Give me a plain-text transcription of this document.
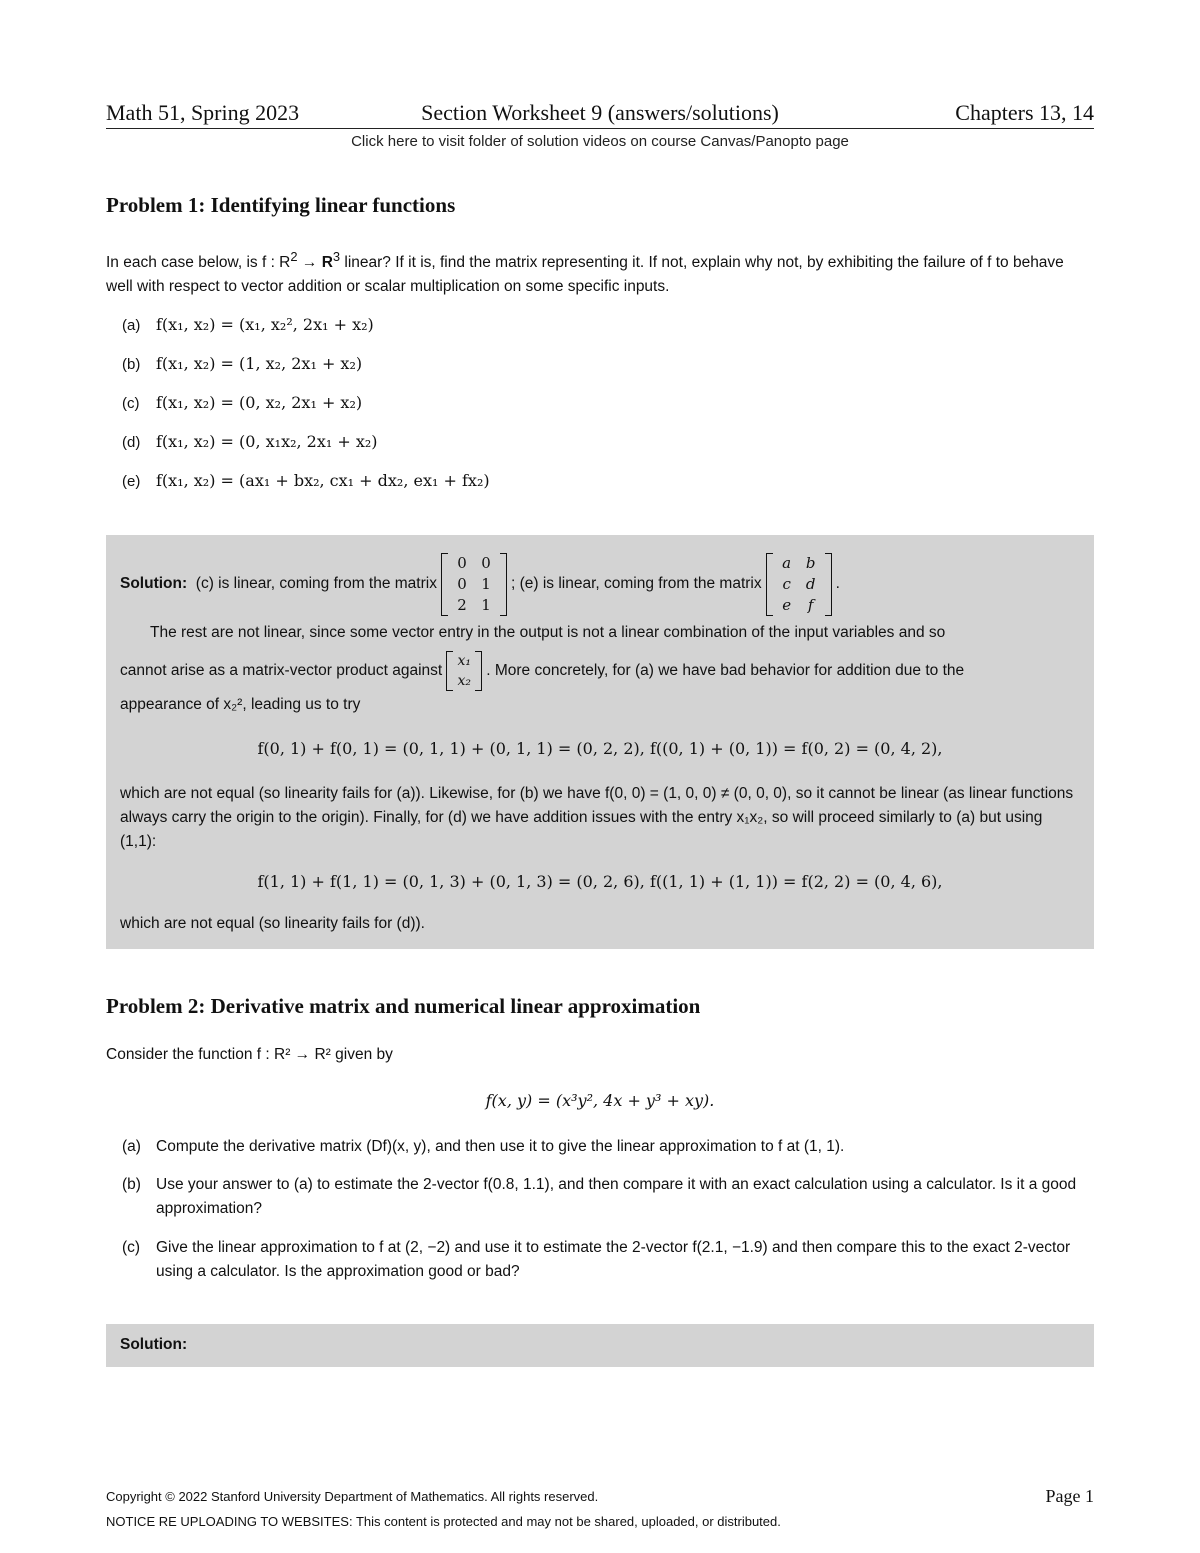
Math 51, Spring 2023	Section Worksheet 9 (answers/solutions)	Chapters 13, 14
Click here to visit folder of solution videos on course Canvas/Panopto page
Problem 1: Identifying linear functions
In each case below, is f : $R^2 \to R^3$ linear? If it is, find the matrix representing it. If not, explain why not, by exhibiting the failure of f to behave well with respect to vector addition or scalar multiplication on some specific inputs.
(a) f(x₁, x₂) = (x₁, x₂², 2x₁ + x₂)
(b) f(x₁, x₂) = (1, x₂, 2x₁ + x₂)
(c) f(x₁, x₂) = (0, x₂, 2x₁ + x₂)
(d) f(x₁, x₂) = (0, x₁x₂, 2x₁ + x₂)
(e) f(x₁, x₂) = (ax₁ + bx₂, cx₁ + dx₂, ex₁ + fx₂)
Solution:
(c) is linear, coming from the matrix
0 0
0 1
2 1
; (e) is linear, coming from the matrix
a b
c d
e	f
.
The rest are not linear, since some vector entry in the output is not a linear combination of the input variables and so
cannot arise as a matrix-vector product against
x₁
x₂
. More concretely, for (a) we have bad behavior for addition due to the
appearance of x₂², leading us to try
f(0, 1) + f(0, 1) = (0, 1, 1) + (0, 1, 1) = (0, 2, 2), f((0, 1) + (0, 1)) = f(0, 2) = (0, 4, 2),
which are not equal (so linearity fails for (a)). Likewise, for (b) we have f(0, 0) = (1, 0, 0) ≠ (0, 0, 0), so it cannot be linear (as linear functions always carry the origin to the origin). Finally, for (d) we have addition issues with the entry x₁x₂, so will proceed similarly to (a) but using (1,1):
f(1, 1) + f(1, 1) = (0, 1, 3) + (0, 1, 3) = (0, 2, 6), f((1, 1) + (1, 1)) = f(2, 2) = (0, 4, 6),
which are not equal (so linearity fails for (d)).
Problem 2: Derivative matrix and numerical linear approximation
Consider the function f : R² → R² given by
f(x, y) = (x³y², 4x + y³ + xy).
(a) Compute the derivative matrix (Df)(x, y), and then use it to give the linear approximation to f at (1, 1).
(b) Use your answer to (a) to estimate the 2-vector f(0.8, 1.1), and then compare it with an exact calculation using a calculator. Is it a good approximation?
(c)	Give the linear approximation to f at (2, −2) and use it to estimate the 2-vector f(2.1, −1.9) and then compare this to the exact 2-vector using a calculator. Is the approximation good or bad?
Solution:
Copyright © 2022 Stanford University Department of Mathematics. All rights reserved.
NOTICE RE UPLOADING TO WEBSITES: This content is protected and may not be shared, uploaded, or distributed.
Page 1
